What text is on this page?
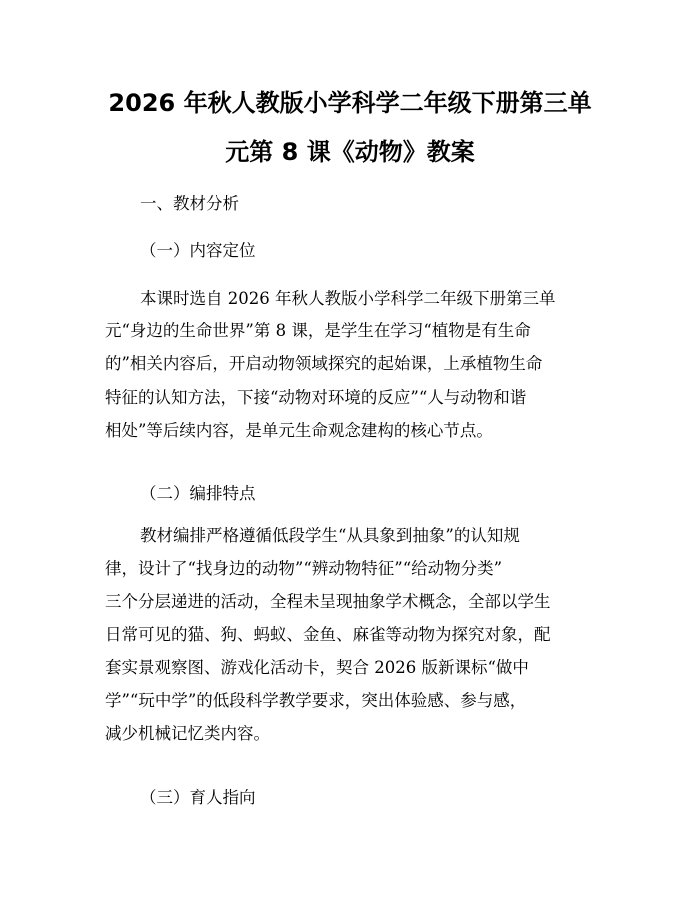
2026 年秋人教版小学科学二年级下册第三单
元第 8 课《动物》教案
一、教材分析
（一）内容定位
本课时选自 2026 年秋人教版小学科学二年级下册第三单
元“身边的生命世界”第 8 课，是学生在学习“植物是有生命
的”相关内容后，开启动物领域探究的起始课，上承植物生命
特征的认知方法，下接“动物对环境的反应”“人与动物和谐
相处”等后续内容，是单元生命观念建构的核心节点。
（二）编排特点
教材编排严格遵循低段学生“从具象到抽象”的认知规
律，设计了“找身边的动物”“辨动物特征”“给动物分类”
三个分层递进的活动，全程未呈现抽象学术概念，全部以学生
日常可见的猫、狗、蚂蚁、金鱼、麻雀等动物为探究对象，配
套实景观察图、游戏化活动卡，契合 2026 版新课标“做中
学”“玩中学”的低段科学教学要求，突出体验感、参与感，
减少机械记忆类内容。
（三）育人指向
